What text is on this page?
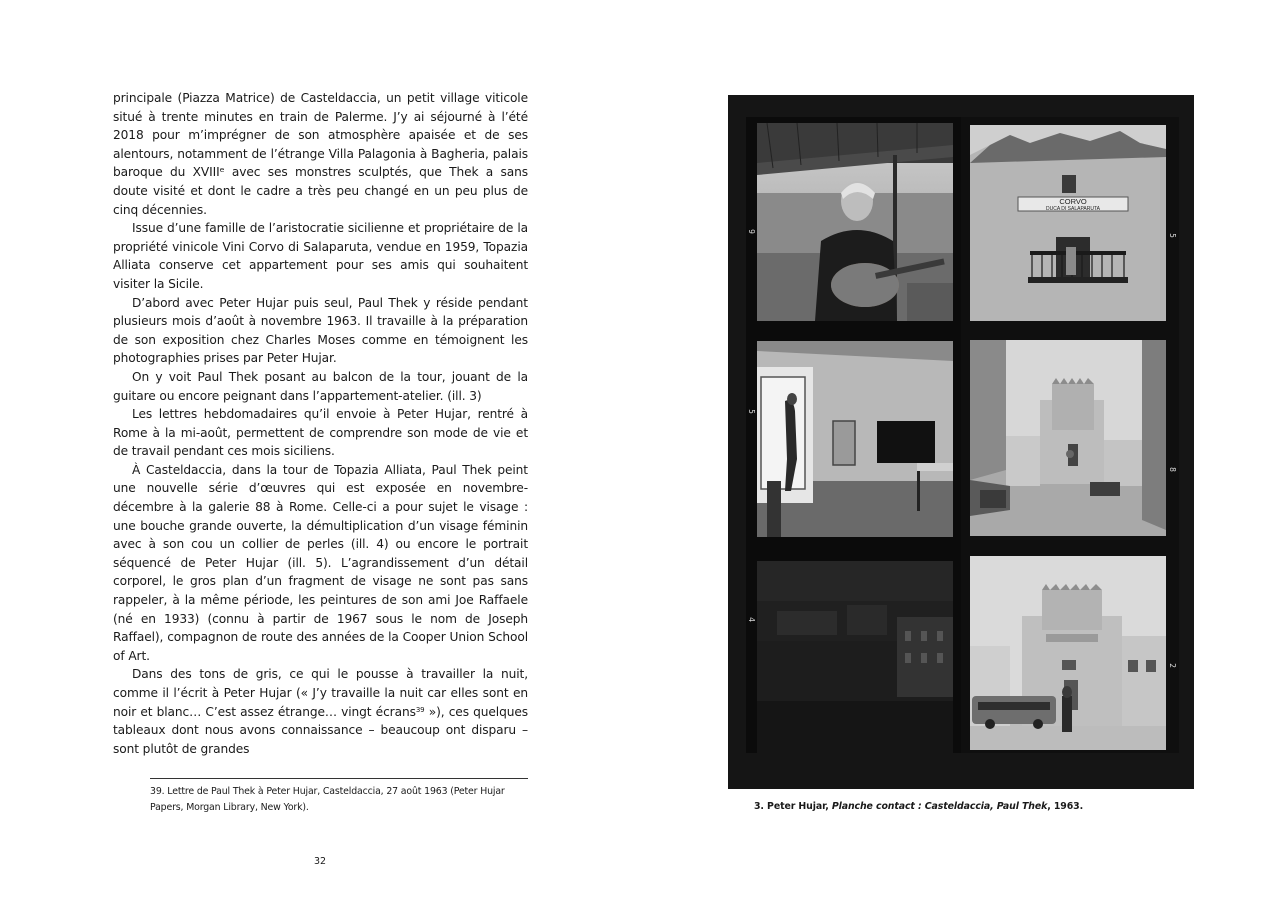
principale (Piazza Matrice) de Casteldaccia, un petit village viticole situé à trente minutes en train de Palerme. J’y ai séjourné à l’été 2018 pour m’imprégner de son atmosphère apaisée et de ses alentours, notamment de l’étrange Villa Palagonia à Bagheria, palais baroque du XVIIIᵉ avec ses monstres sculptés, que Thek a sans doute visité et dont le cadre a très peu changé en un peu plus de cinq décennies.

Issue d’une famille de l’aristocratie sicilienne et propriétaire de la propriété vinicole Vini Corvo di Salaparuta, vendue en 1959, Topazia Alliata conserve cet appartement pour ses amis qui souhaitent visiter la Sicile.

D’abord avec Peter Hujar puis seul, Paul Thek y réside pendant plusieurs mois d’août à novembre 1963. Il travaille à la préparation de son exposition chez Charles Moses comme en témoignent les photographies prises par Peter Hujar.

On y voit Paul Thek posant au balcon de la tour, jouant de la guitare ou encore peignant dans l’appartement-atelier. (ill. 3)

Les lettres hebdomadaires qu’il envoie à Peter Hujar, rentré à Rome à la mi-août, permettent de comprendre son mode de vie et de travail pendant ces mois siciliens.

À Casteldaccia, dans la tour de Topazia Alliata, Paul Thek peint une nouvelle série d’œuvres qui est exposée en novembre-décembre à la galerie 88 à Rome. Celle-ci a pour sujet le visage : une bouche grande ouverte, la démultiplication d’un visage féminin avec à son cou un collier de perles (ill. 4) ou encore le portrait séquencé de Peter Hujar (ill. 5). L’agrandissement d’un détail corporel, le gros plan d’un fragment de visage ne sont pas sans rappeler, à la même période, les peintures de son ami Joe Raffaele (né en 1933) (connu à partir de 1967 sous le nom de Joseph Raffael), compagnon de route des années de la Cooper Union School of Art.

Dans des tons de gris, ce qui le pousse à travailler la nuit, comme il l’écrit à Peter Hujar (« J’y travaille la nuit car elles sont en noir et blanc… C’est assez étrange… vingt écrans$^{39}$ »), ces quelques tableaux dont nous avons connaissance – beaucoup ont disparu – sont plutôt de grandes

39. Lettre de Paul Thek à Peter Hujar, Casteldaccia, 27 août 1963 (Peter Hujar Papers, Morgan Library, New York).
32
9
CORVO
DUCA DI SALAPARUTA
5
5
8
4
2
3. Peter Hujar, Planche contact : Casteldaccia, Paul Thek, 1963.
